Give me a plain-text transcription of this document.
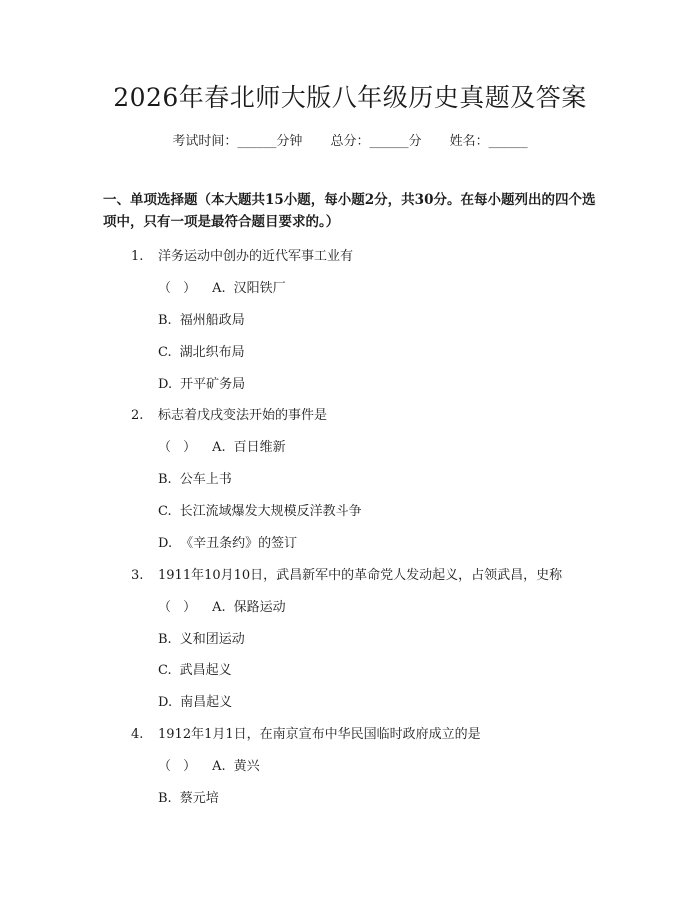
2026年春北师大版八年级历史真题及答案
考试时间：______分钟 总分：______分 姓名：______
一、单项选择题（本大题共15小题，每小题2分，共30分。在每小题列出的四个选项中，只有一项是最符合题目要求的。）
1. 洋务运动中创办的近代军事工业有
（ ） A. 汉阳铁厂
B. 福州船政局
C. 湖北织布局
D. 开平矿务局
2. 标志着戊戌变法开始的事件是
（ ） A. 百日维新
B. 公车上书
C. 长江流域爆发大规模反洋教斗争
D. 《辛丑条约》的签订
3. 1911年10月10日，武昌新军中的革命党人发动起义，占领武昌，史称
（ ） A. 保路运动
B. 义和团运动
C. 武昌起义
D. 南昌起义
4. 1912年1月1日，在南京宣布中华民国临时政府成立的是
（ ） A. 黄兴
B. 蔡元培
